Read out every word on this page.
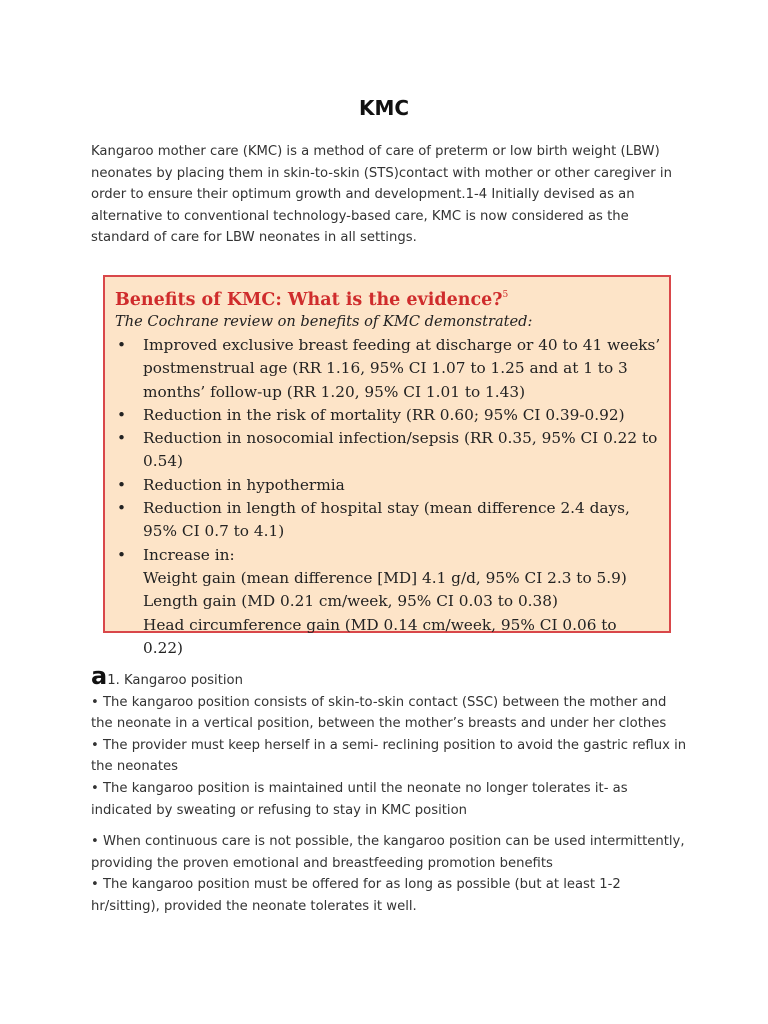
KMC

Kangaroo mother care (KMC) is a method of care of preterm or low birth weight (LBW) neonates by placing them in skin-to-skin (STS)contact with mother or other caregiver in order to ensure their optimum growth and development.1-4 Initially devised as an alternative to conventional technology-based care, KMC is now considered as the standard of care for LBW neonates in all settings.

Benefits of KMC: What is the evidence?$^5$
The Cochrane review on benefits of KMC demonstrated:
• Improved exclusive breast feeding at discharge or 40 to 41 weeks’ postmenstrual age (RR 1.16, 95% CI 1.07 to 1.25 and at 1 to 3 months’ follow-up (RR 1.20, 95% CI 1.01 to 1.43)
• Reduction in the risk of mortality (RR 0.60; 95% CI 0.39-0.92)
• Reduction in nosocomial infection/sepsis (RR 0.35, 95% CI 0.22 to 0.54)
• Reduction in hypothermia
• Reduction in length of hospital stay (mean difference 2.4 days, 95% CI 0.7 to 4.1)
• Increase in:
Weight gain (mean difference [MD] 4.1 g/d, 95% CI 2.3 to 5.9)
Length gain (MD 0.21 cm/week, 95% CI 0.03 to 0.38)
Head circumference gain (MD 0.14 cm/week, 95% CI 0.06 to 0.22)

a1. Kangaroo position

• The kangaroo position consists of skin-to-skin contact (SSC) between the mother and the neonate in a vertical position, between the mother’s breasts and under her clothes

• The provider must keep herself in a semi- reclining position to avoid the gastric reflux in the neonates

• The kangaroo position is maintained until the neonate no longer tolerates it- as indicated by sweating or refusing to stay in KMC position

• When continuous care is not possible, the kangaroo position can be used intermittently, providing the proven emotional and breastfeeding promotion benefits

• The kangaroo position must be offered for as long as possible (but at least 1-2 hr/sitting), provided the neonate tolerates it well.
